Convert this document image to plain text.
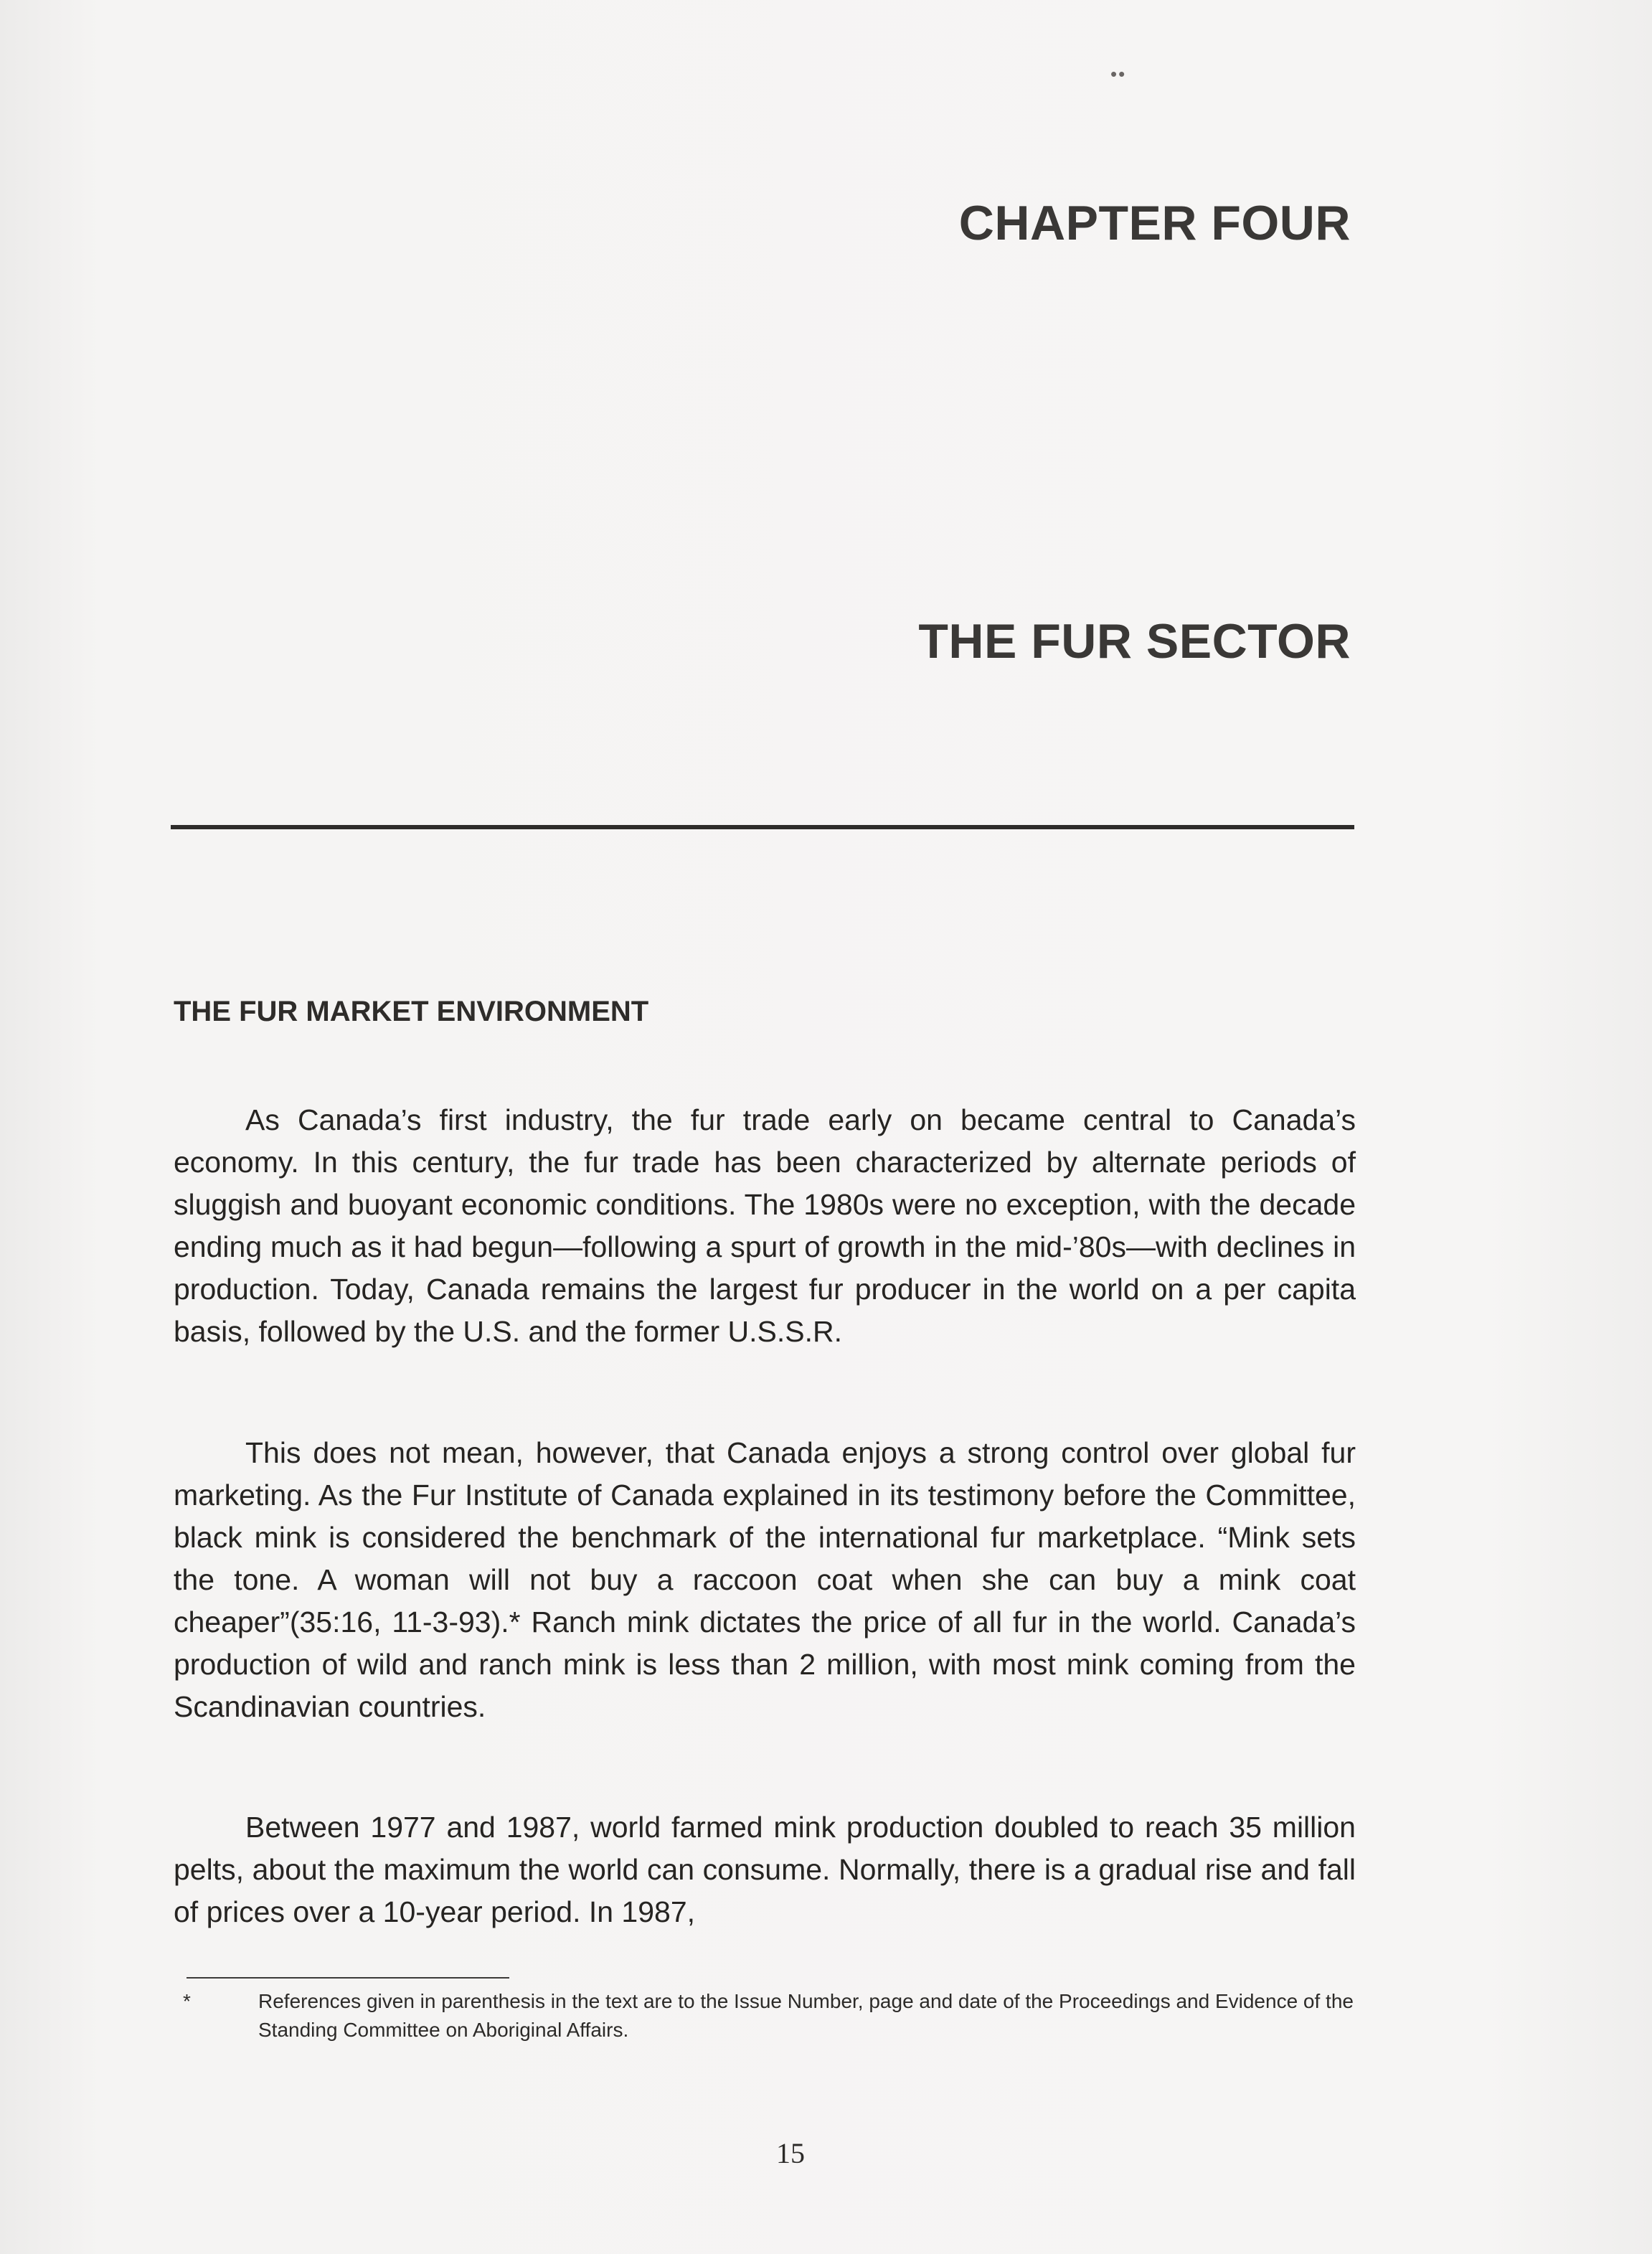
••
CHAPTER FOUR
THE FUR SECTOR
THE FUR MARKET ENVIRONMENT

As Canada’s first industry, the fur trade early on became central to Canada’s economy. In this century, the fur trade has been characterized by alternate periods of sluggish and buoyant economic conditions. The 1980s were no exception, with the decade ending much as it had begun—following a spurt of growth in the mid-’80s—with declines in production. Today, Canada remains the largest fur producer in the world on a per capita basis, followed by the U.S. and the former U.S.S.R.

This does not mean, however, that Canada enjoys a strong control over global fur marketing. As the Fur Institute of Canada explained in its testimony before the Committee, black mink is considered the benchmark of the international fur marketplace. “Mink sets the tone. A woman will not buy a raccoon coat when she can buy a mink coat cheaper”(35:16, 11-3-93).* Ranch mink dictates the price of all fur in the world. Canada’s production of wild and ranch mink is less than 2 million, with most mink coming from the Scandinavian countries.

Between 1977 and 1987, world farmed mink production doubled to reach 35 million pelts, about the maximum the world can consume. Normally, there is a gradual rise and fall of prices over a 10-year period. In 1987,

*	References given in parenthesis in the text are to the Issue Number, page and date of the Proceedings and Evidence of the Standing Committee on Aboriginal Affairs.

15
